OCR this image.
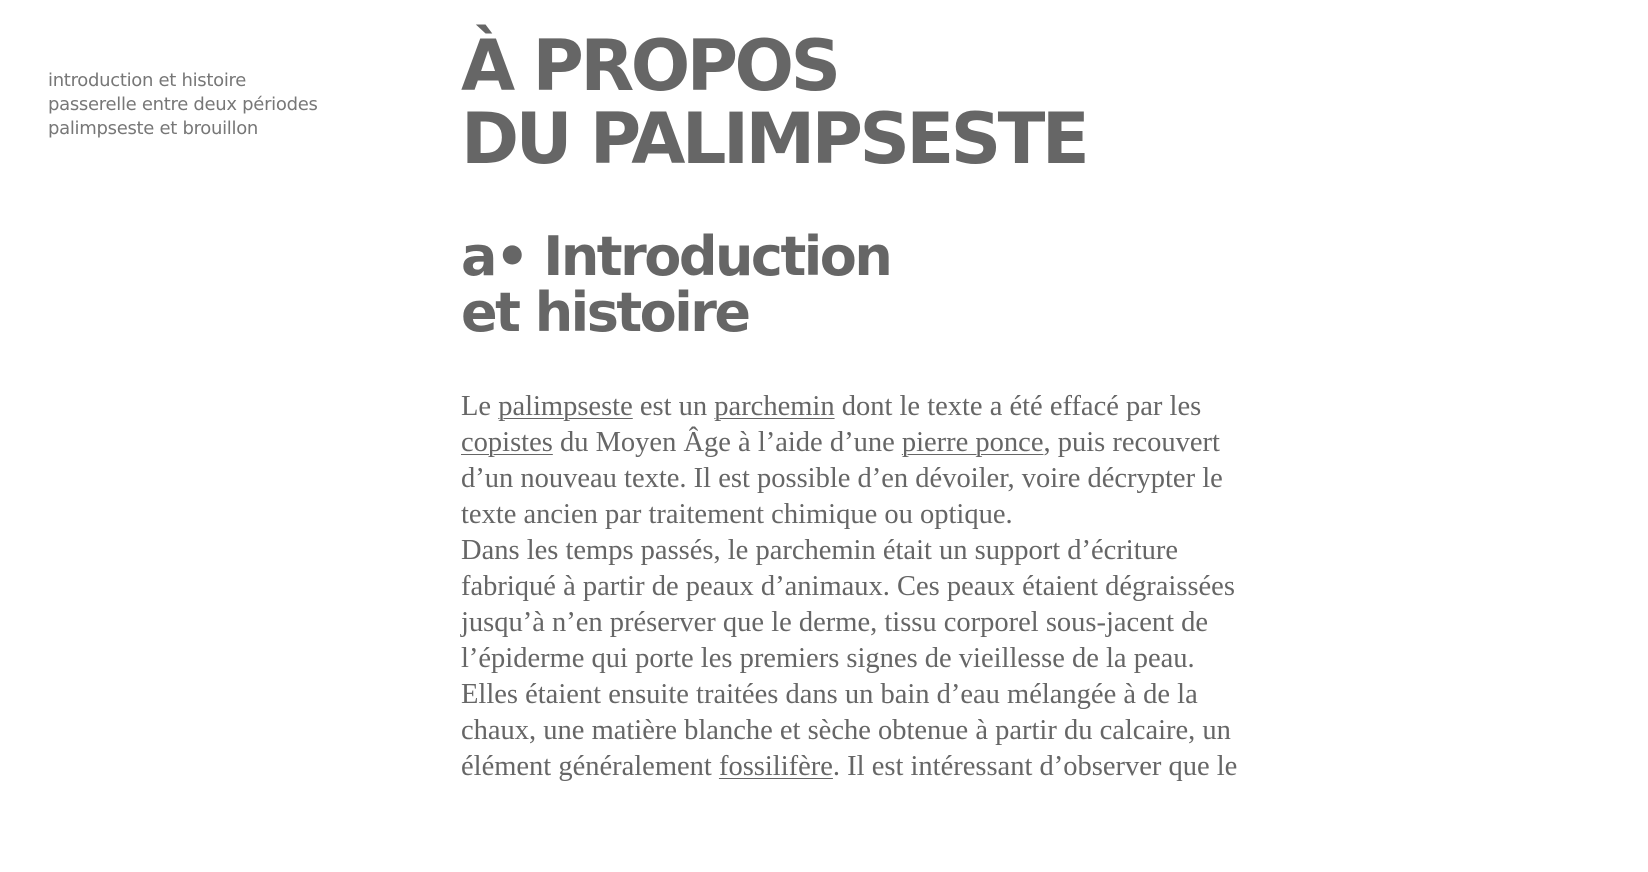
introduction et histoire
passerelle entre deux périodes
palimpseste et brouillon
À PROPOS
DU PALIMPSESTE
a• Introduction
et histoire

Le palimpseste est un parchemin dont le texte a été effacé par les copistes du Moyen Âge à l’aide d’une pierre ponce, puis recouvert d’un nouveau texte. Il est possible d’en dévoiler, voire décrypter le texte ancien par traitement chimique ou optique.

Dans les temps passés, le parchemin était un support d’écriture fabriqué à partir de peaux d’animaux. Ces peaux étaient dégraissées jusqu’à n’en préserver que le derme, tissu corporel sous-jacent de l’épiderme qui porte les premiers signes de vieillesse de la peau. Elles étaient ensuite traitées dans un bain d’eau mélangée à de la chaux, une matière blanche et sèche obtenue à partir du calcaire, un élément généralement fossilifère. Il est intéressant d’observer que le
